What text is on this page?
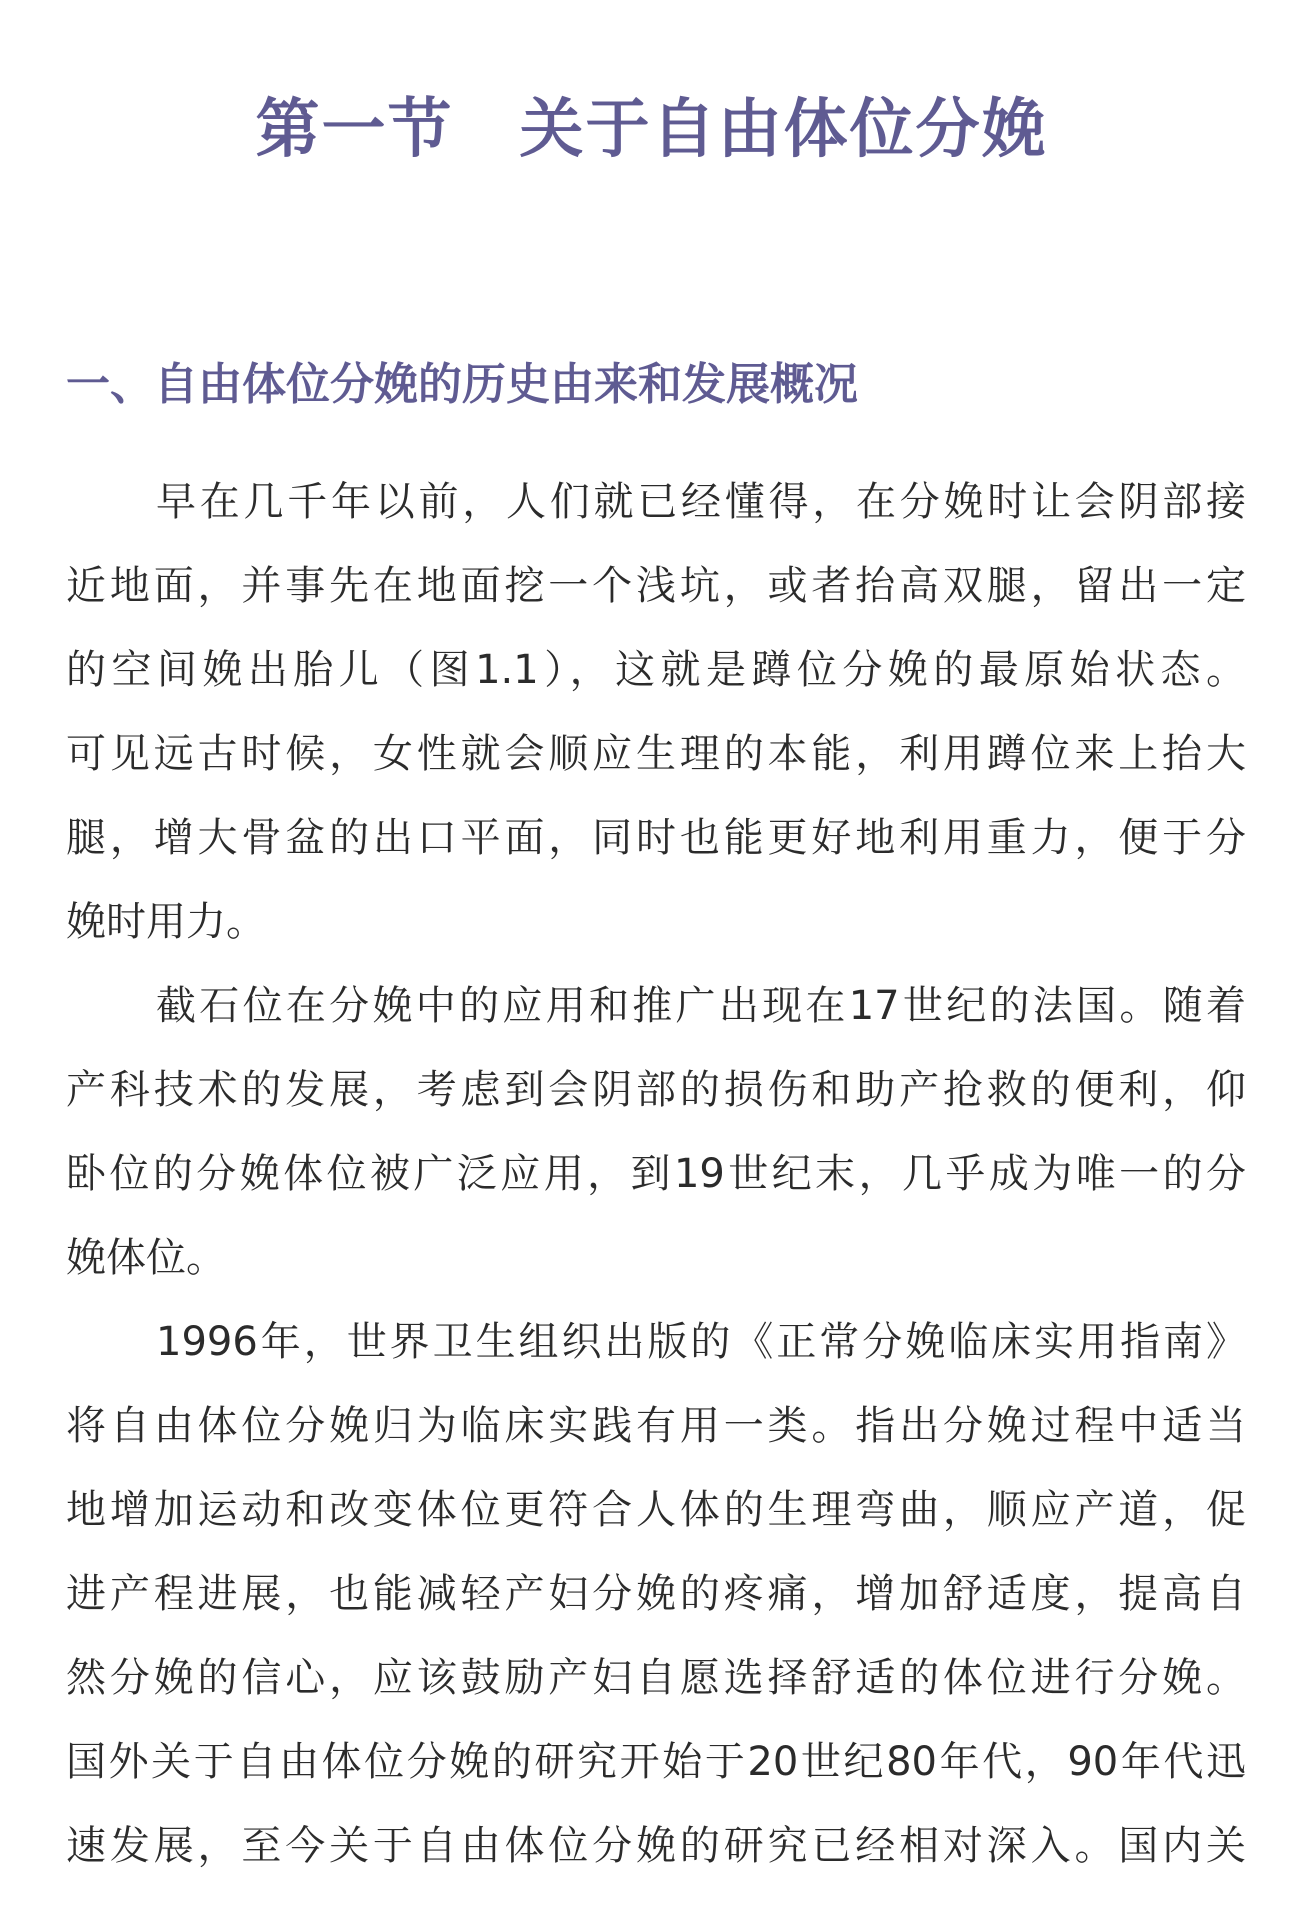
第一节　关于自由体位分娩
一、自由体位分娩的历史由来和发展概况
早在几千年以前，人们就已经懂得，在分娩时让会阴部接
近地面，并事先在地面挖一个浅坑，或者抬高双腿，留出一定
的空间娩出胎儿（图1.1），这就是蹲位分娩的最原始状态。
可见远古时候，女性就会顺应生理的本能，利用蹲位来上抬大
腿，增大骨盆的出口平面，同时也能更好地利用重力，便于分
娩时用力。
截石位在分娩中的应用和推广出现在17世纪的法国。随着
产科技术的发展，考虑到会阴部的损伤和助产抢救的便利，仰
卧位的分娩体位被广泛应用，到19世纪末，几乎成为唯一的分
娩体位。
1996年，世界卫生组织出版的《正常分娩临床实用指南》
将自由体位分娩归为临床实践有用一类。指出分娩过程中适当
地增加运动和改变体位更符合人体的生理弯曲，顺应产道，促
进产程进展，也能减轻产妇分娩的疼痛，增加舒适度，提高自
然分娩的信心，应该鼓励产妇自愿选择舒适的体位进行分娩。
国外关于自由体位分娩的研究开始于20世纪80年代，90年代迅
速发展，至今关于自由体位分娩的研究已经相对深入。国内关
